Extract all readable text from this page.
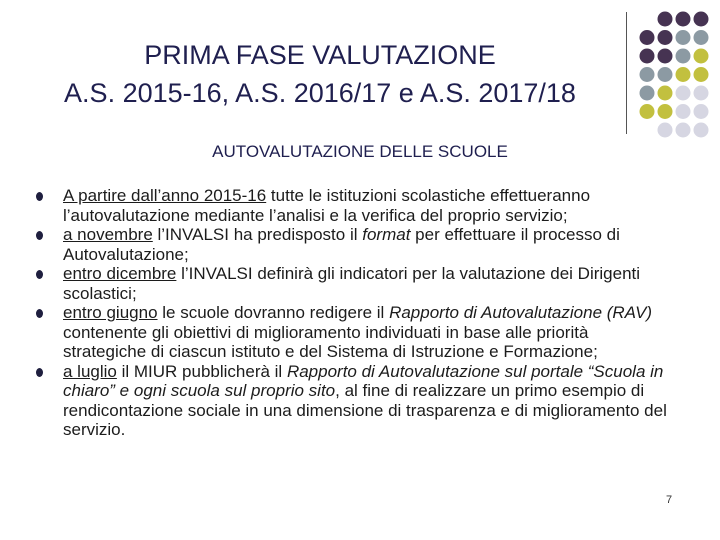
PRIMA FASE VALUTAZIONE
A.S. 2015-16, A.S. 2016/17 e A.S. 2017/18
AUTOVALUTAZIONE DELLE SCUOLE
A partire dall’anno 2015-16 tutte le istituzioni scolastiche effettueranno l’autovalutazione mediante l’analisi e la verifica del proprio servizio;
a novembre l’INVALSI ha predisposto il format per effettuare il processo di Autovalutazione;
entro dicembre l’INVALSI definirà gli indicatori per la valutazione dei Dirigenti scolastici;
entro giugno le scuole dovranno redigere il Rapporto di Autovalutazione (RAV) contenente gli obiettivi di miglioramento individuati in base alle priorità strategiche di ciascun istituto e del Sistema di Istruzione e Formazione;
a luglio il MIUR pubblicherà il Rapporto di Autovalutazione sul portale “Scuola in chiaro” e ogni scuola sul proprio sito, al fine di realizzare un primo esempio di rendicontazione sociale in una dimensione di trasparenza e di miglioramento del servizio.
7
